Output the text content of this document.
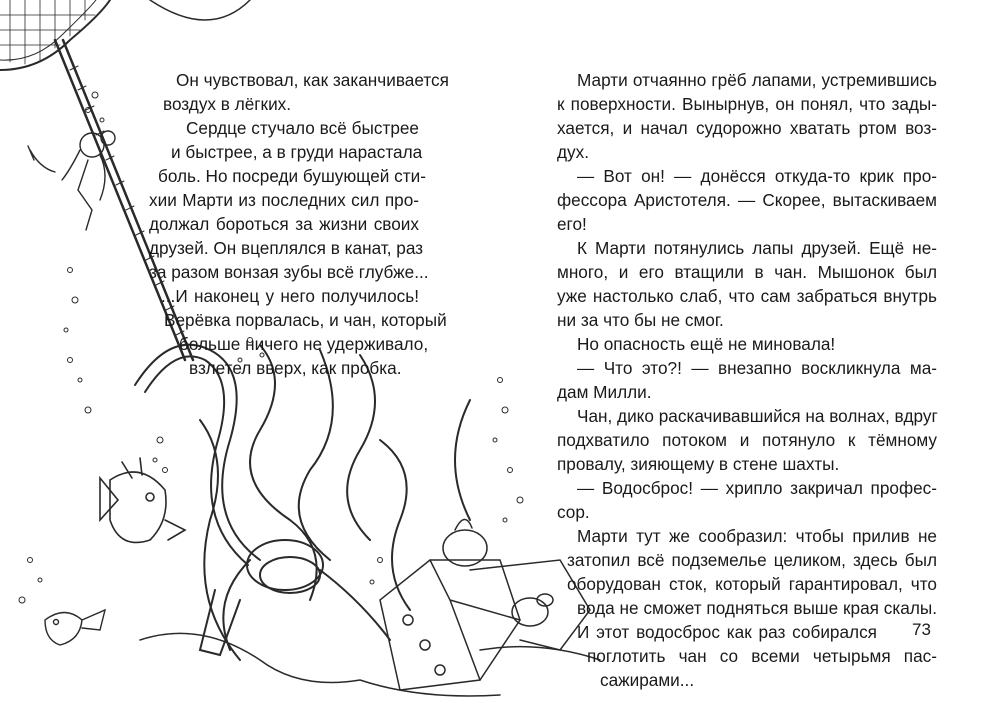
Он чувствовал, как заканчивается
воздух в лёгких.
Сердце стучало всё быстрее
и быстрее, а в груди нарастала
боль. Но посреди бушующей сти-
хии Марти из последних сил про-
должал бороться за жизни своих
друзей. Он вцеплялся в канат, раз
за разом вонзая зубы всё глубже...
...И наконец у него получилось!
Верёвка порвалась, и чан, который
больше ничего не удерживало,
взлетел вверх, как пробка.
Марти отчаянно грёб лапами, устремившись
к поверхности. Вынырнув, он понял, что зады-
хается, и начал судорожно хватать ртом воз-
дух.
— Вот он! — донёсся откуда-то крик про-
фессора Аристотеля. — Скорее, вытаскиваем
его!
К Марти потянулись лапы друзей. Ещё не-
много, и его втащили в чан. Мышонок был
уже настолько слаб, что сам забраться внутрь
ни за что бы не смог.
Но опасность ещё не миновала!
— Что это?! — внезапно воскликнула ма-
дам Милли.
Чан, дико раскачивавшийся на волнах, вдруг
подхватило потоком и потянуло к тёмному
провалу, зияющему в стене шахты.
— Водосброс! — хрипло закричал профес-
сор.
Марти тут же сообразил: чтобы прилив не
затопил всё подземелье целиком, здесь был
оборудован сток, который гарантировал, что
вода не сможет подняться выше края скалы.
И этот водосброс как раз собирался
поглотить чан со всеми четырьмя пас-
сажирами...
73
